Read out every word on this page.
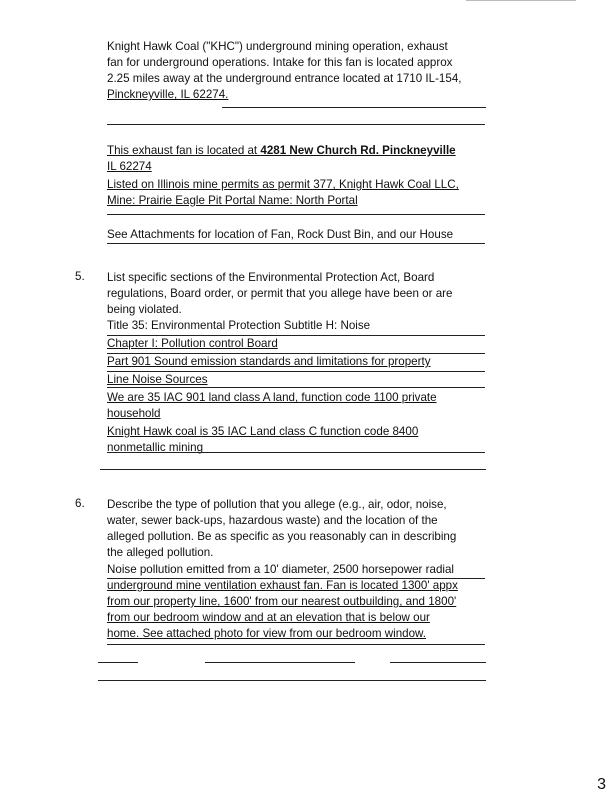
Knight Hawk Coal ("KHC") underground mining operation, exhaust
fan for underground operations. Intake for this fan is located approx
2.25 miles away at the underground entrance located at 1710 IL-154,
Pinckneyville, IL 62274.
This exhaust fan is located at 4281 New Church Rd. Pinckneyville
IL 62274
Listed on Illinois mine permits as permit 377, Knight Hawk Coal LLC,
Mine: Prairie Eagle Pit Portal Name: North Portal
See Attachments for location of Fan, Rock Dust Bin, and our House
5. List specific sections of the Environmental Protection Act, Board
regulations, Board order, or permit that you allege have been or are
being violated.
Title 35: Environmental Protection Subtitle H: Noise
Chapter I: Pollution control Board
Part 901 Sound emission standards and limitations for property
Line Noise Sources
We are 35 IAC 901 land class A land, function code 1100 private
household
Knight Hawk coal is 35 IAC Land class C function code 8400
nonmetallic mining
6. Describe the type of pollution that you allege (e.g., air, odor, noise,
water, sewer back-ups, hazardous waste) and the location of the
alleged pollution. Be as specific as you reasonably can in describing
the alleged pollution.
Noise pollution emitted from a 10' diameter, 2500 horsepower radial
underground mine ventilation exhaust fan. Fan is located 1300' appx
from our property line, 1600' from our nearest outbuilding, and 1800'
from our bedroom window and at an elevation that is below our
home. See attached photo for view from our bedroom window.
3
